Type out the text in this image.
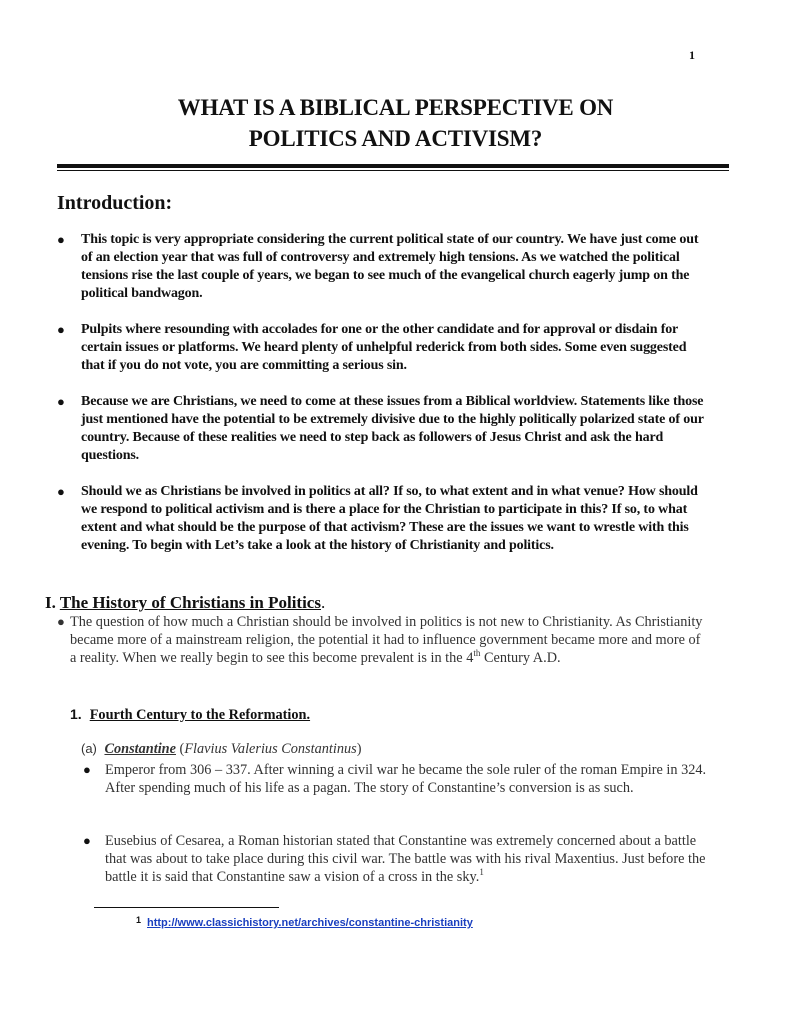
1
WHAT IS A BIBLICAL PERSPECTIVE ON
POLITICS AND ACTIVISM?
Introduction:
● This topic is very appropriate considering the current political state of our country. We have just come out of an election year that was full of controversy and extremely high tensions. As we watched the political tensions rise the last couple of years, we began to see much of the evangelical church eagerly jump on the political bandwagon.
● Pulpits where resounding with accolades for one or the other candidate and for approval or disdain for certain issues or platforms. We heard plenty of unhelpful rederick from both sides. Some even suggested that if you do not vote, you are committing a serious sin.
● Because we are Christians, we need to come at these issues from a Biblical worldview. Statements like those just mentioned have the potential to be extremely divisive due to the highly politically polarized state of our country. Because of these realities we need to step back as followers of Jesus Christ and ask the hard questions.
● Should we as Christians be involved in politics at all? If so, to what extent and in what venue? How should we respond to political activism and is there a place for the Christian to participate in this? If so, to what extent and what should be the purpose of that activism? These are the issues we want to wrestle with this evening. To begin with Let’s take a look at the history of Christianity and politics.
I. The History of Christians in Politics.
● The question of how much a Christian should be involved in politics is not new to Christianity. As Christianity became more of a mainstream religion, the potential it had to influence government became more and more of a reality. When we really begin to see this become prevalent is in the 4th Century A.D.
1. Fourth Century to the Reformation.
(a) Constantine (Flavius Valerius Constantinus)
● Emperor from 306 – 337. After winning a civil war he became the sole ruler of the roman Empire in 324. After spending much of his life as a pagan. The story of Constantine’s conversion is as such.
● Eusebius of Cesarea, a Roman historian stated that Constantine was extremely concerned about a battle that was about to take place during this civil war. The battle was with his rival Maxentius. Just before the battle it is said that Constantine saw a vision of a cross in the sky.$^1$
$^1$ http://www.classichistory.net/archives/constantine-christianity
